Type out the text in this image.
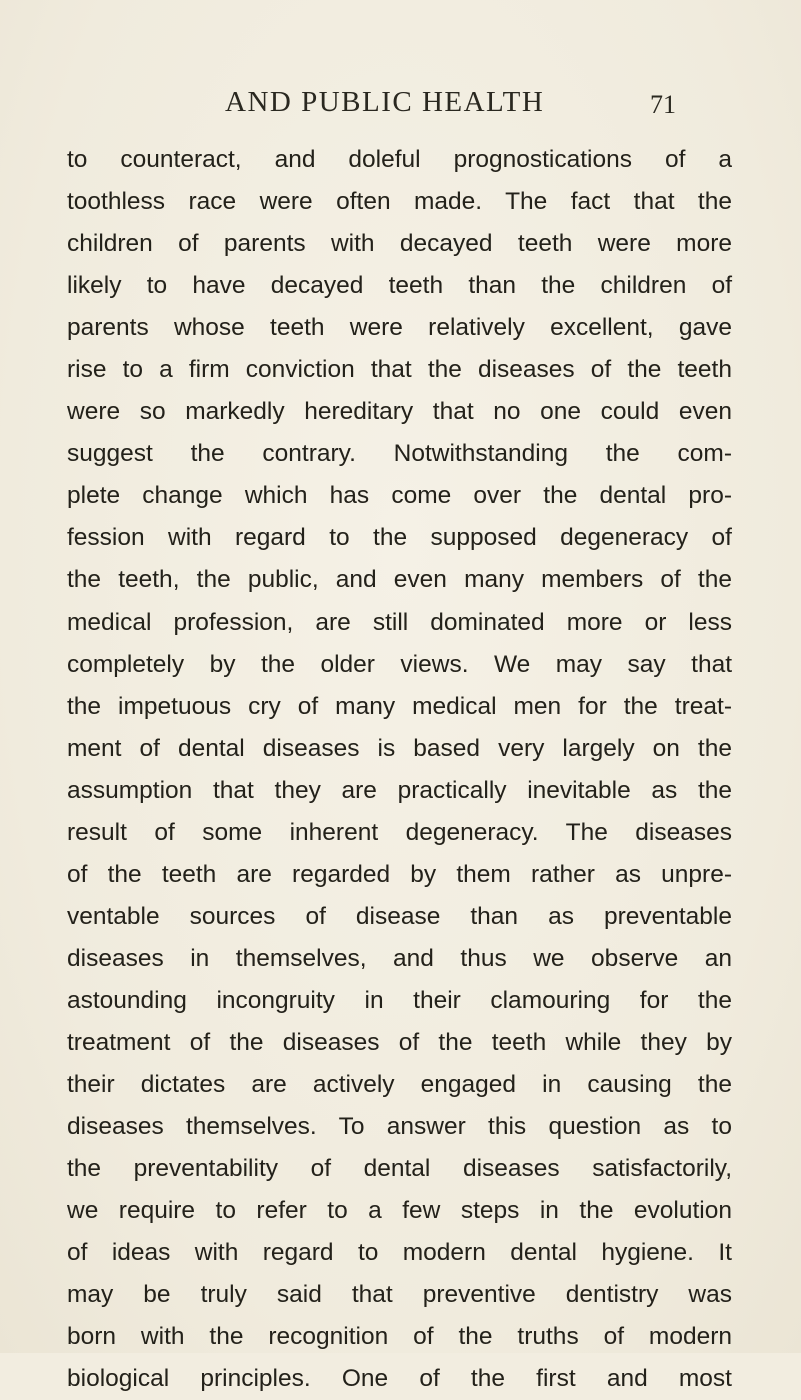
AND PUBLIC HEALTH	71
to counteract, and doleful prognostications of a
toothless race were often made. The fact that the
children of parents with decayed teeth were more
likely to have decayed teeth than the children of
parents whose teeth were relatively excellent, gave
rise to a firm conviction that the diseases of the teeth
were so markedly hereditary that no one could even
suggest the contrary. Notwithstanding the com-
plete change which has come over the dental pro-
fession with regard to the supposed degeneracy of
the teeth, the public, and even many members of the
medical profession, are still dominated more or less
completely by the older views. We may say that
the impetuous cry of many medical men for the treat-
ment of dental diseases is based very largely on the
assumption that they are practically inevitable as the
result of some inherent degeneracy. The diseases
of the teeth are regarded by them rather as unpre-
ventable sources of disease than as preventable
diseases in themselves, and thus we observe an
astounding incongruity in their clamouring for the
treatment of the diseases of the teeth while they by
their dictates are actively engaged in causing the
diseases themselves. To answer this question as to
the preventability of dental diseases satisfactorily,
we require to refer to a few steps in the evolution
of ideas with regard to modern dental hygiene. It
may be truly said that preventive dentistry was
born with the recognition of the truths of modern
biological principles. One of the first and most
